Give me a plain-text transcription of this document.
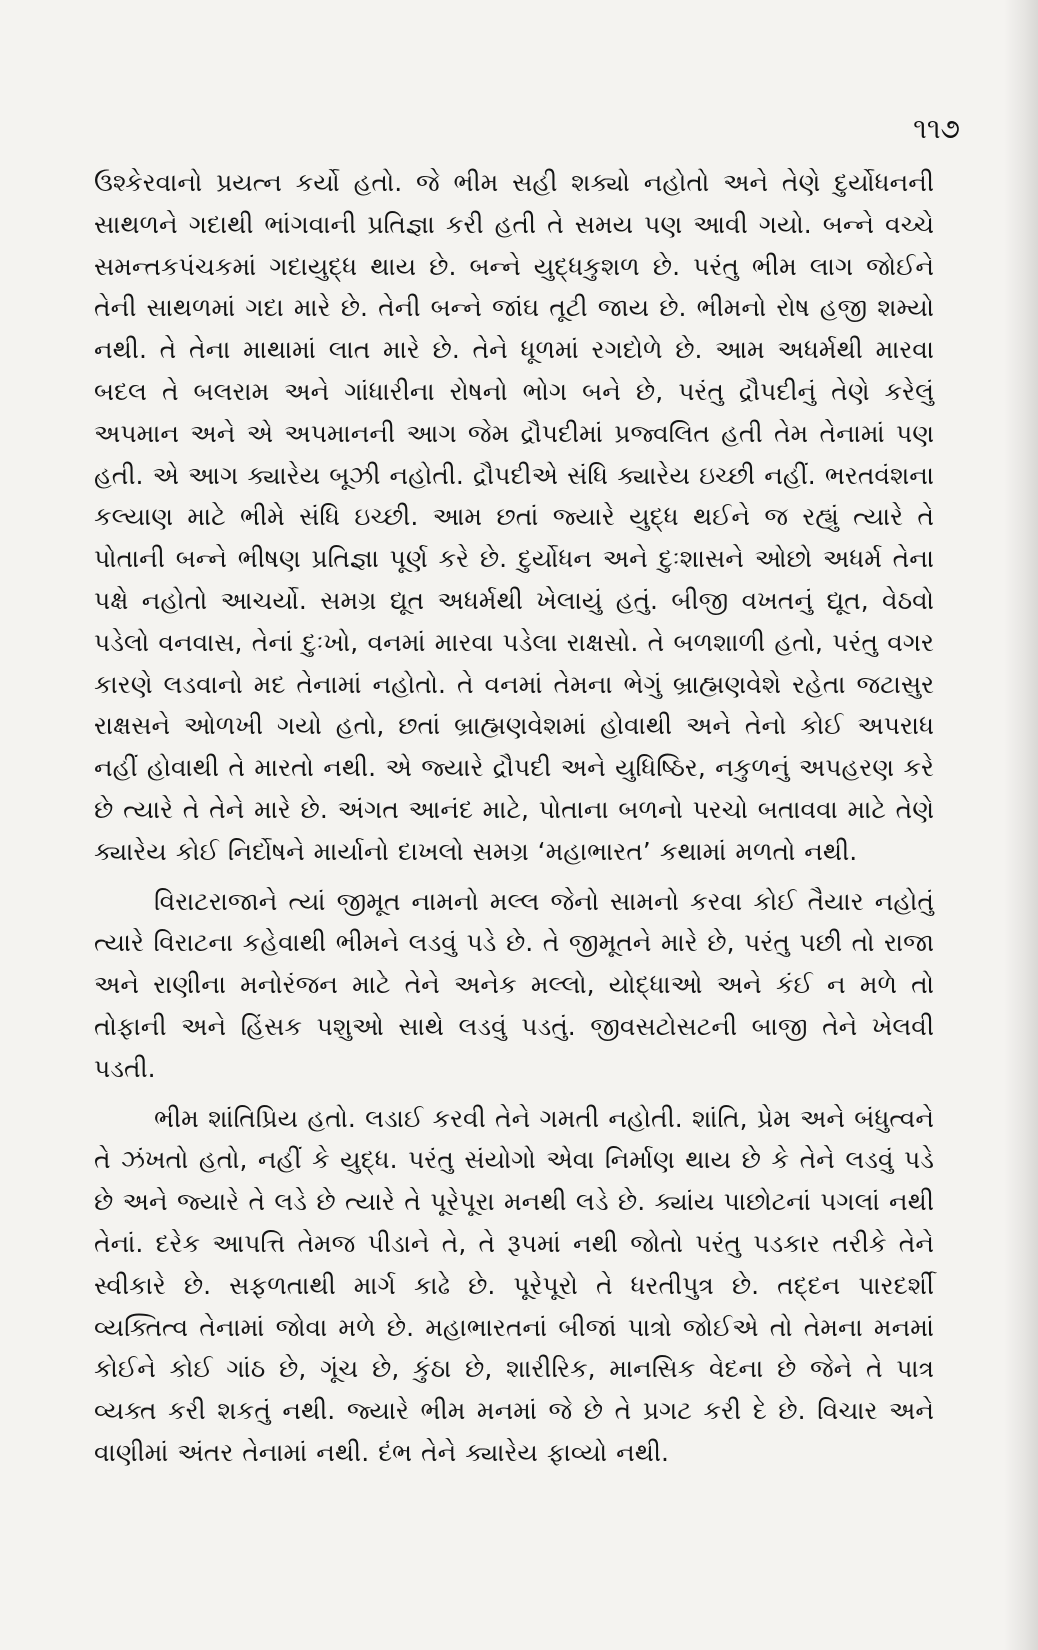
૧૧૭

ઉશ્કેરવાનો પ્રયત્ન કર્યો હતો. જે ભીમ સહી શક્યો નહોતો અને તેણે દુર્યોધનની સાથળને ગદાથી ભાંગવાની પ્રતિજ્ઞા કરી હતી તે સમય પણ આવી ગયો. બન્ને વચ્ચે સમન્તકપંચકમાં ગદાયુદ્ધ થાય છે. બન્ને યુદ્ધકુશળ છે. પરંતુ ભીમ લાગ જોઈને તેની સાથળમાં ગદા મારે છે. તેની બન્ને જાંઘ તૂટી જાય છે. ભીમનો રોષ હજી શમ્યો નથી. તે તેના માથામાં લાત મારે છે. તેને ધૂળમાં રગદોળે છે. આમ અધર્મથી મારવા બદલ તે બલરામ અને ગાંધારીના રોષનો ભોગ બને છે, પરંતુ દ્રૌપદીનું તેણે કરેલું અપમાન અને એ અપમાનની આગ જેમ દ્રૌપદીમાં પ્રજ્વલિત હતી તેમ તેનામાં પણ હતી. એ આગ ક્યારેય બૂઝી નહોતી. દ્રૌપદીએ સંધિ ક્યારેય ઇચ્છી નહીં. ભરતવંશના કલ્યાણ માટે ભીમે સંધિ ઇચ્છી. આમ છતાં જ્યારે યુદ્ધ થઈને જ રહ્યું ત્યારે તે પોતાની બન્ને ભીષણ પ્રતિજ્ઞા પૂર્ણ કરે છે. દુર્યોધન અને દુઃશાસને ઓછો અધર્મ તેના પક્ષે નહોતો આચર્યો. સમગ્ર દ્યૂત અધર્મથી ખેલાયું હતું. બીજી વખતનું દ્યૂત, વેઠવો પડેલો વનવાસ, તેનાં દુઃખો, વનમાં મારવા પડેલા રાક્ષસો. તે બળશાળી હતો, પરંતુ વગર કારણે લડવાનો મદ તેનામાં નહોતો. તે વનમાં તેમના ભેગું બ્રાહ્મણવેશે રહેતા જટાસુર રાક્ષસને ઓળખી ગયો હતો, છતાં બ્રાહ્મણવેશમાં હોવાથી અને તેનો કોઈ અપરાધ નહીં હોવાથી તે મારતો નથી. એ જ્યારે દ્રૌપદી અને યુધિષ્ઠિર, નકુળનું અપહરણ કરે છે ત્યારે તે તેને મારે છે. અંગત આનંદ માટે, પોતાના બળનો પરચો બતાવવા માટે તેણે ક્યારેય કોઈ નિર્દોષને માર્યાનો દાખલો સમગ્ર ‘મહાભારત’ કથામાં મળતો નથી.

વિરાટરાજાને ત્યાં જીમૂત નામનો મલ્લ જેનો સામનો કરવા કોઈ તૈયાર નહોતું ત્યારે વિરાટના કહેવાથી ભીમને લડવું પડે છે. તે જીમૂતને મારે છે, પરંતુ પછી તો રાજા અને રાણીના મનોરંજન માટે તેને અનેક મલ્લો, યોદ્ધાઓ અને કંઈ ન મળે તો તોફાની અને હિંસક પશુઓ સાથે લડવું પડતું. જીવસટોસટની બાજી તેને ખેલવી પડતી.

ભીમ શાંતિપ્રિય હતો. લડાઈ કરવી તેને ગમતી નહોતી. શાંતિ, પ્રેમ અને બંધુત્વને તે ઝંખતો હતો, નહીં કે યુદ્ધ. પરંતુ સંયોગો એવા નિર્માણ થાય છે કે તેને લડવું પડે છે અને જ્યારે તે લડે છે ત્યારે તે પૂરેપૂરા મનથી લડે છે. ક્યાંય પાછોટનાં પગલાં નથી તેનાં. દરેક આપત્તિ તેમજ પીડાને તે, તે રૂપમાં નથી જોતો પરંતુ પડકાર તરીકે તેને સ્વીકારે છે. સફળતાથી માર્ગ કાઢે છે. પૂરેપૂરો તે ધરતીપુત્ર છે. તદ્દન પારદર્શી વ્યક્તિત્વ તેનામાં જોવા મળે છે. મહાભારતનાં બીજાં પાત્રો જોઈએ તો તેમના મનમાં કોઈને કોઈ ગાંઠ છે, ગૂંચ છે, કુંઠા છે, શારીરિક, માનસિક વેદના છે જેને તે પાત્ર વ્યક્ત કરી શકતું નથી. જ્યારે ભીમ મનમાં જે છે તે પ્રગટ કરી દે છે. વિચાર અને વાણીમાં અંતર તેનામાં નથી. દંભ તેને ક્યારેય ફાવ્યો નથી.
